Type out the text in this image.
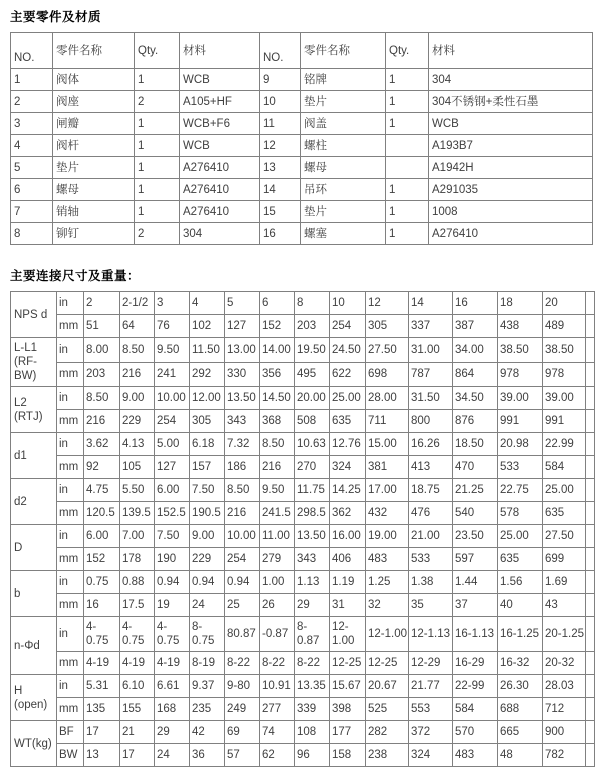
主要零件及材质
NO.	零件名称	Qty.	材料	NO.	零件名称	Qty.	材料
1	阀体	1	WCB	9	铭牌	1	304
2	阀座	2	A105+HF	10	垫片	1	304不锈钢+柔性石墨
3	闸瓣	1	WCB+F6	11	阀盖	1	WCB
4	阀杆	1	WCB	12	螺柱		A193B7
5	垫片	1	A276410	13	螺母		A1942H
6	螺母	1	A276410	14	吊环	1	A291035
7	销轴	1	A276410	15	垫片	1	1008
8	铆钉	2	304	16	螺塞	1	A276410
主要连接尺寸及重量：
NPS d	in	2	2-1/2	3	4	5	6	8	10	12	14	16	18	20	
	mm	51	64	76	102	127	152	203	254	305	337	387	438	489	
L-L1 (RF-BW)	in	8.00	8.50	9.50	11.50	13.00	14.00	19.50	24.50	27.50	31.00	34.00	38.50	38.50	
	mm	203	216	241	292	330	356	495	622	698	787	864	978	978	
L2 (RTJ)	in	8.50	9.00	10.00	12.00	13.50	14.50	20.00	25.00	28.00	31.50	34.50	39.00	39.00	
	mm	216	229	254	305	343	368	508	635	711	800	876	991	991	
d1	in	3.62	4.13	5.00	6.18	7.32	8.50	10.63	12.76	15.00	16.26	18.50	20.98	22.99	
	mm	92	105	127	157	186	216	270	324	381	413	470	533	584	
d2	in	4.75	5.50	6.00	7.50	8.50	9.50	11.75	14.25	17.00	18.75	21.25	22.75	25.00	
	mm	120.5	139.5	152.5	190.5	216	241.5	298.5	362	432	476	540	578	635	
D	in	6.00	7.00	7.50	9.00	10.00	11.00	13.50	16.00	19.00	21.00	23.50	25.00	27.50	
	mm	152	178	190	229	254	279	343	406	483	533	597	635	699	
b	in	0.75	0.88	0.94	0.94	0.94	1.00	1.13	1.19	1.25	1.38	1.44	1.56	1.69	
	mm	16	17.5	19	24	25	26	29	31	32	35	37	40	43	
n-Φd	in	4-0.75	4-0.75	4-0.75	8-0.75	80.87	-0.87	8-0.87	12-1.00	12-1.00	12-1.13	16-1.13	16-1.25	20-1.25	
	mm	4-19	4-19	4-19	8-19	8-22	8-22	8-22	12-25	12-25	12-29	16-29	16-32	20-32	
H (open)	in	5.31	6.10	6.61	9.37	9-80	10.91	13.35	15.67	20.67	21.77	22-99	26.30	28.03	
	mm	135	155	168	235	249	277	339	398	525	553	584	688	712	
WT(kg)	BF	17	21	29	42	69	74	108	177	282	372	570	665	900	
	BW	13	17	24	36	57	62	96	158	238	324	483	48	782	
